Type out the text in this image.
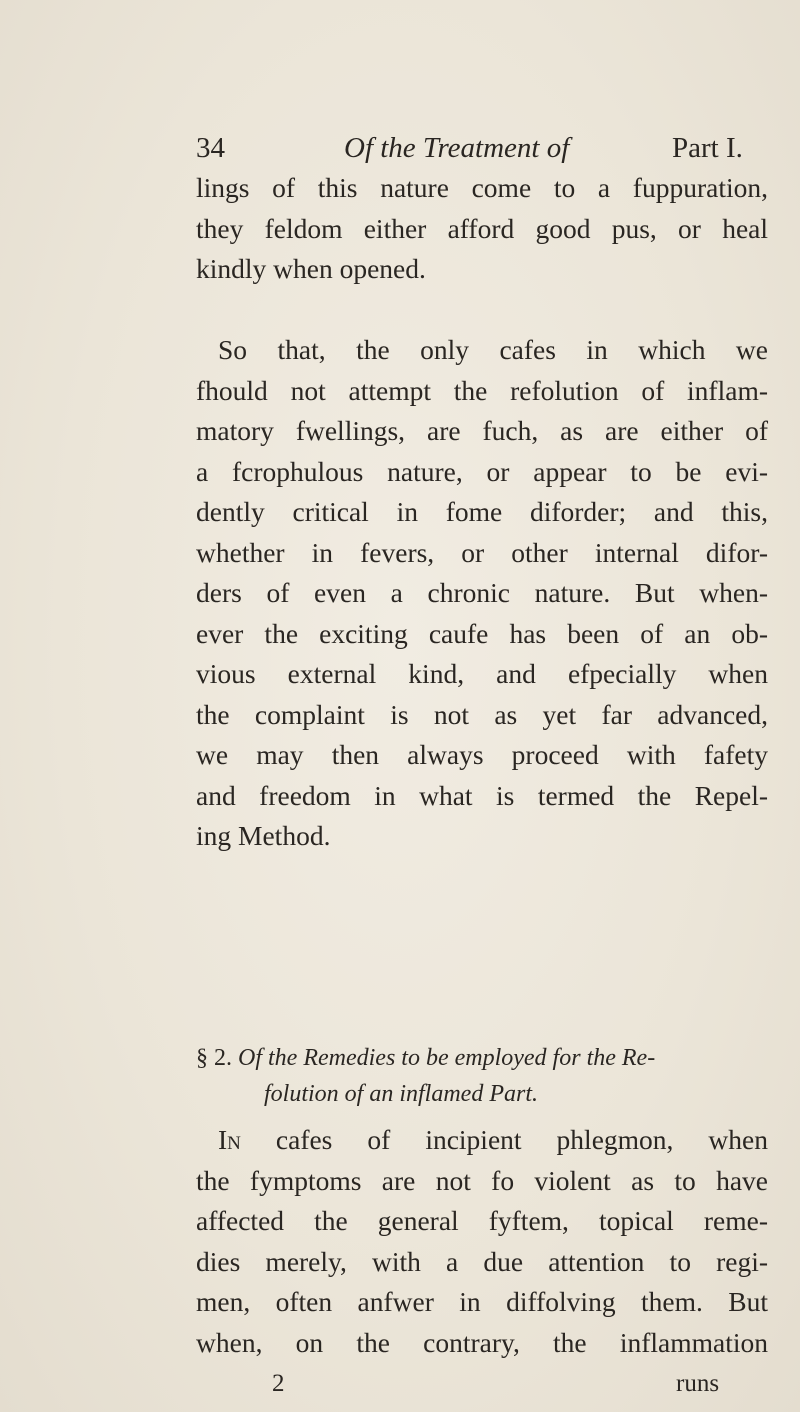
34	Of the Treatment of	Part I.
lings of this nature come to a fuppuration,
they feldom either afford good pus, or heal
kindly when opened.
So that, the only cafes in which we
fhould not attempt the refolution of inflam-
matory fwellings, are fuch, as are either of
a fcrophulous nature, or appear to be evi-
dently critical in fome diforder; and this,
whether in fevers, or other internal difor-
ders of even a chronic nature. But when-
ever the exciting caufe has been of an ob-
vious external kind, and efpecially when
the complaint is not as yet far advanced,
we may then always proceed with fafety
and freedom in what is termed the Repel-
ing Method.
§ 2. Of the Remedies to be employed for the Re-
folution of an inflamed Part.
In cafes of incipient phlegmon, when
the fymptoms are not fo violent as to have
affected the general fyftem, topical reme-
dies merely, with a due attention to regi-
men, often anfwer in diffolving them. But
when, on the contrary, the inflammation
2	runs
